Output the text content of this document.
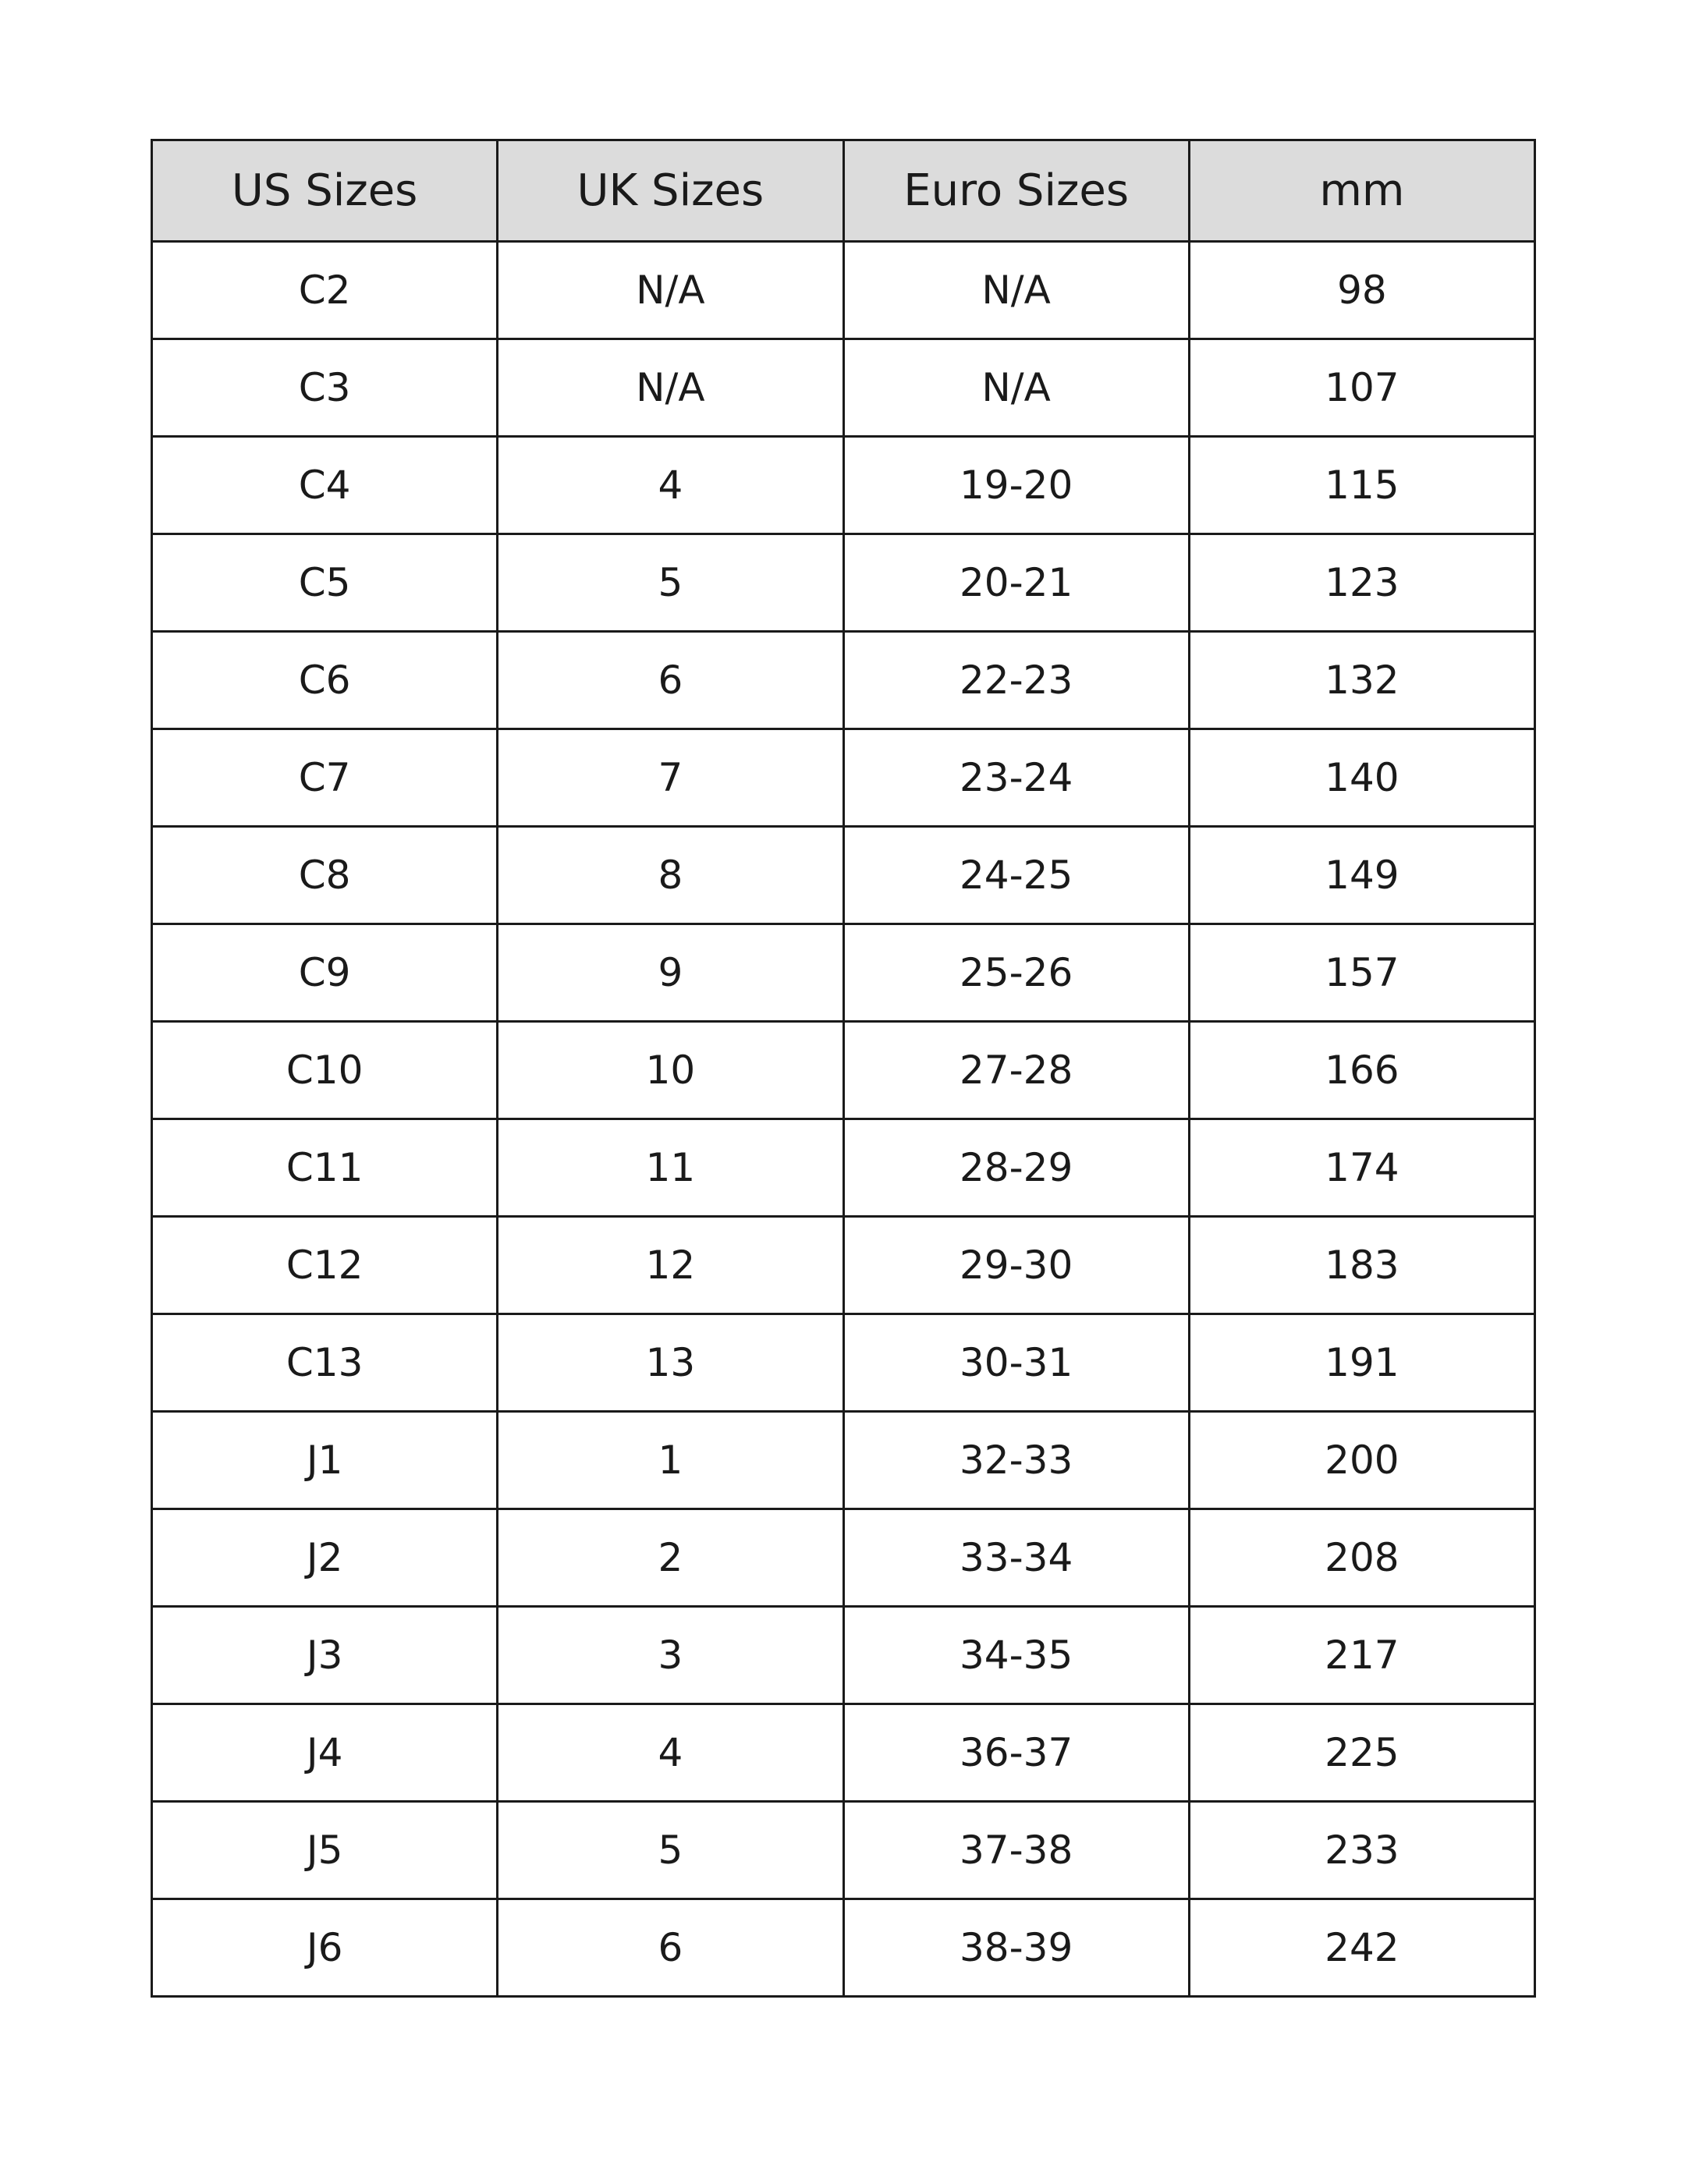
US Sizes	UK Sizes	Euro Sizes	mm
C2	N/A	N/A	98
C3	N/A	N/A	107
C4	4	19-20	115
C5	5	20-21	123
C6	6	22-23	132
C7	7	23-24	140
C8	8	24-25	149
C9	9	25-26	157
C10	10	27-28	166
C11	11	28-29	174
C12	12	29-30	183
C13	13	30-31	191
J1	1	32-33	200
J2	2	33-34	208
J3	3	34-35	217
J4	4	36-37	225
J5	5	37-38	233
J6	6	38-39	242
